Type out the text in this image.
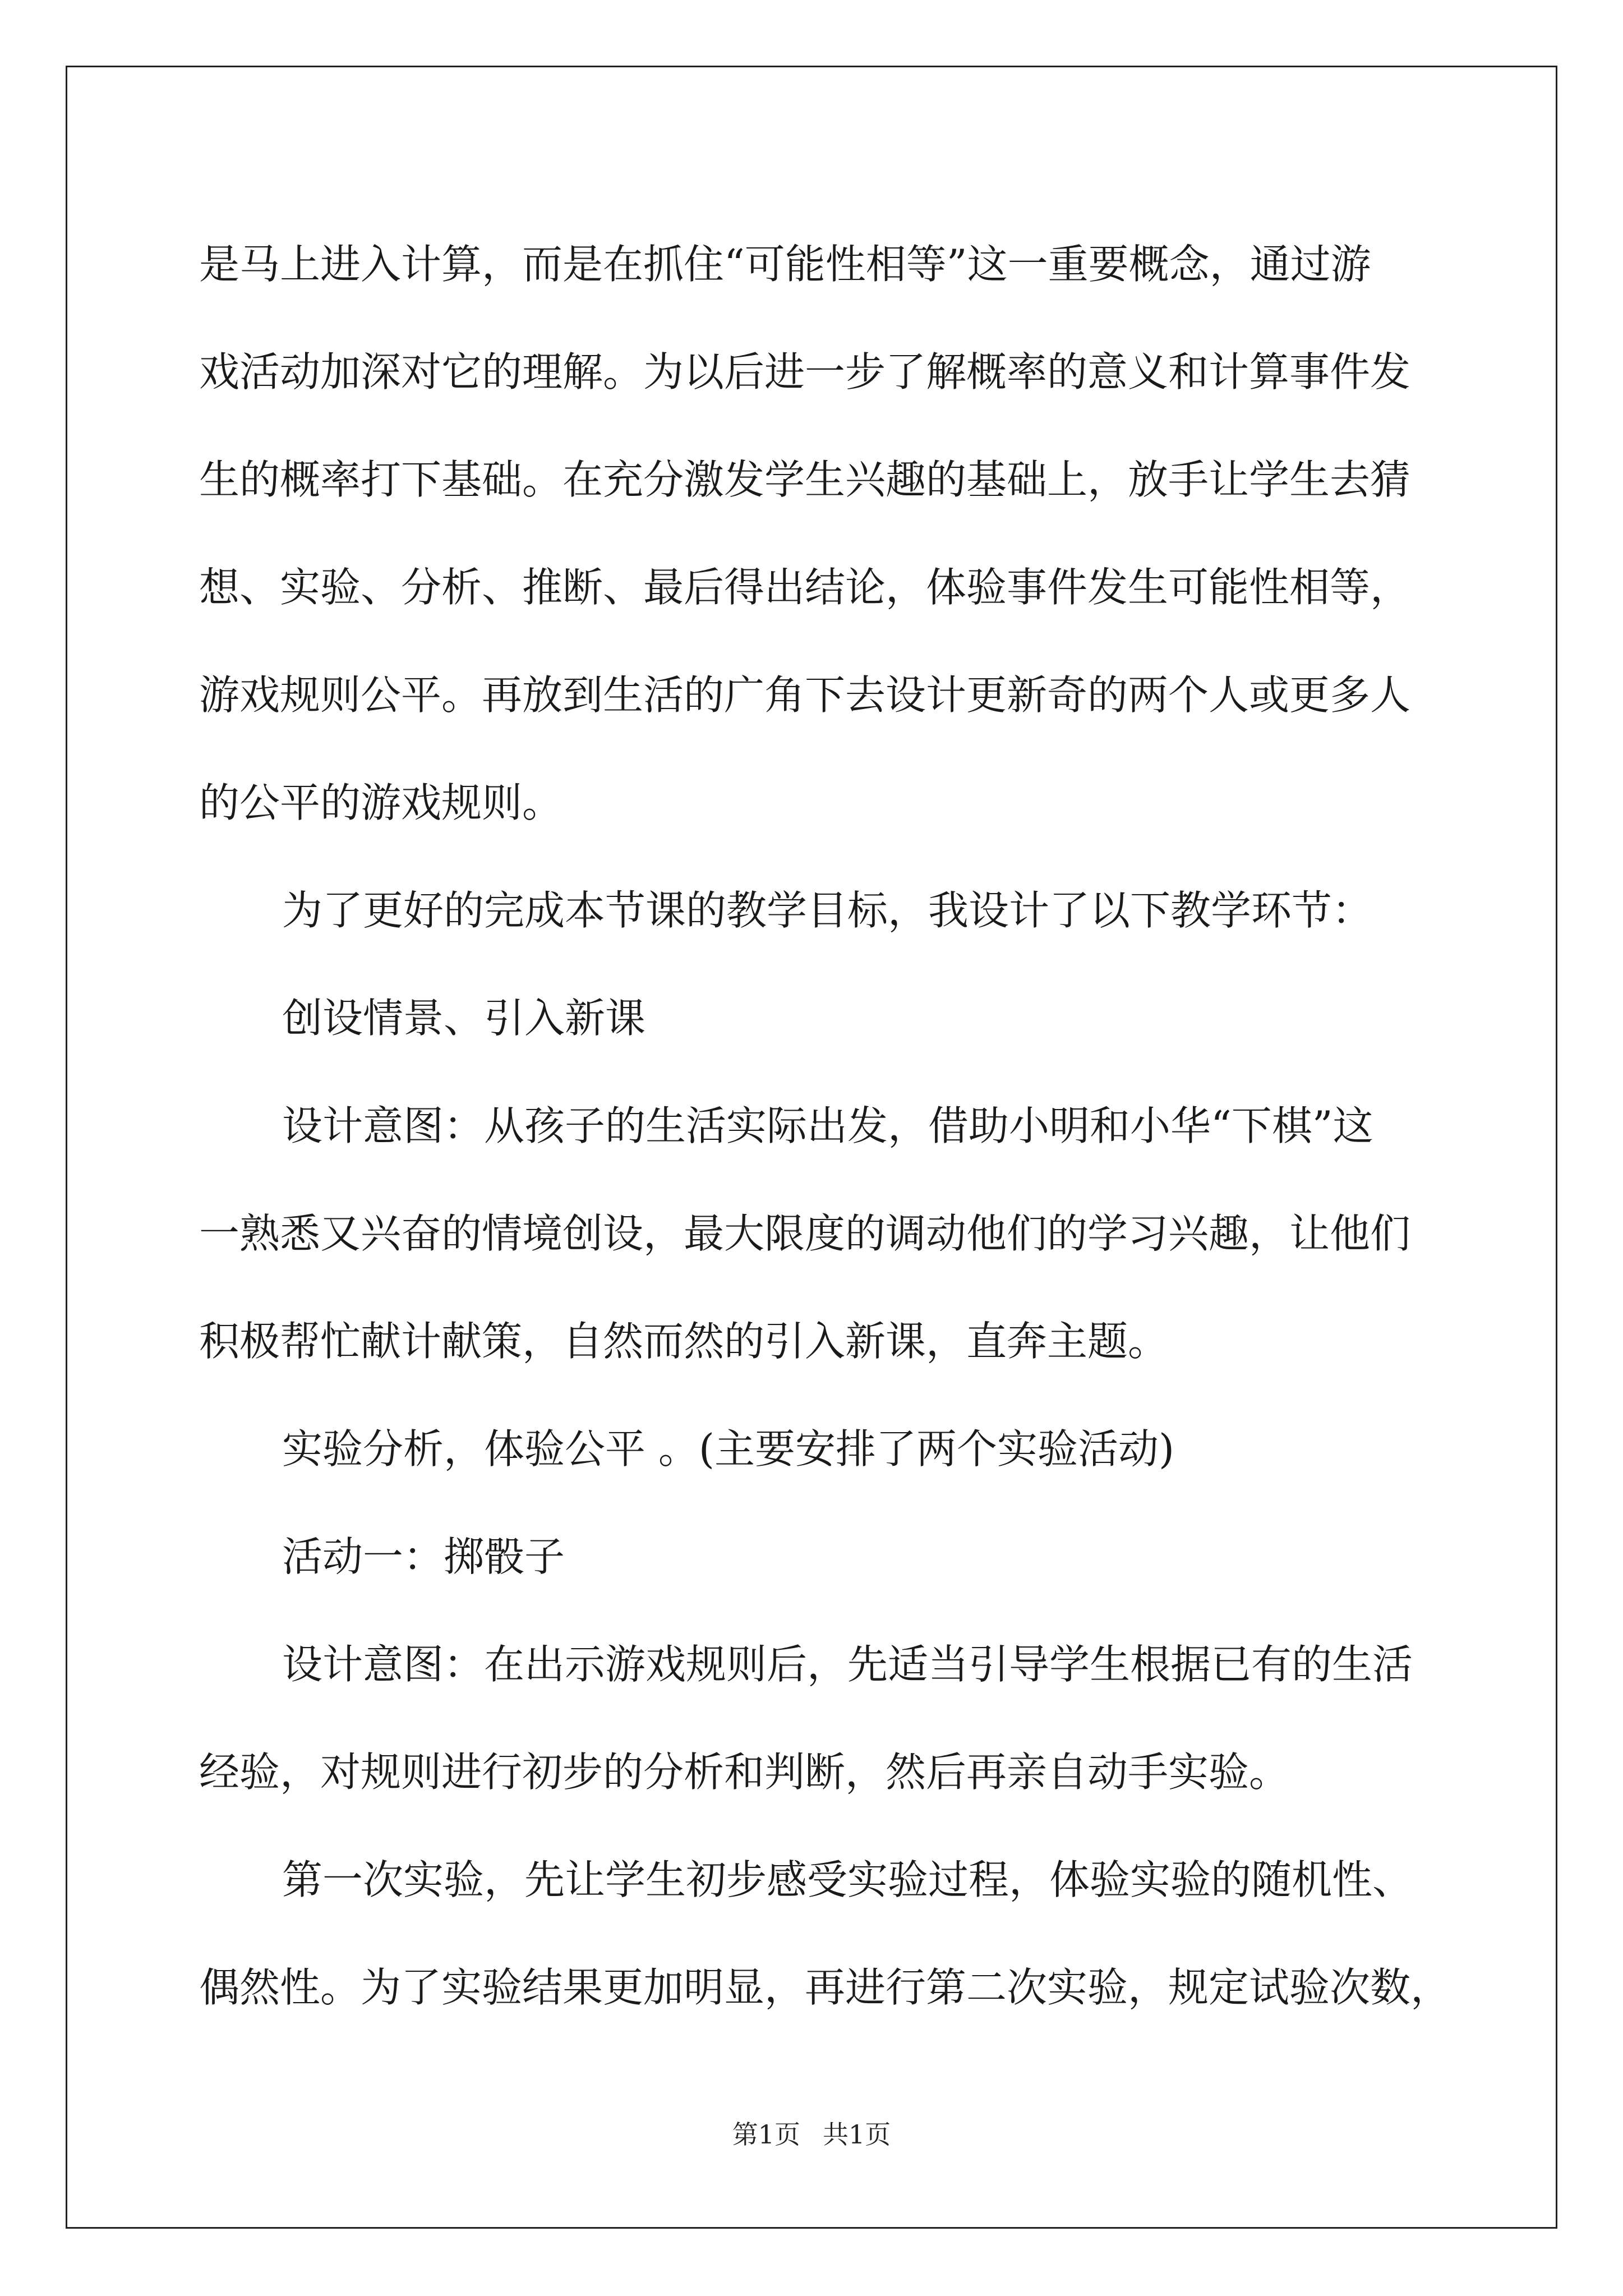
是马上进入计算，而是在抓住“可能性相等”这一重要概念，通过游
戏活动加深对它的理解。为以后进一步了解概率的意义和计算事件发
生的概率打下基础。在充分激发学生兴趣的基础上，放手让学生去猜
想、实验、分析、推断、最后得出结论，体验事件发生可能性相等，
游戏规则公平。再放到生活的广角下去设计更新奇的两个人或更多人
的公平的游戏规则。
为了更好的完成本节课的教学目标，我设计了以下教学环节：
创设情景、引入新课
设计意图：从孩子的生活实际出发，借助小明和小华“下棋”这
一熟悉又兴奋的情境创设，最大限度的调动他们的学习兴趣，让他们
积极帮忙献计献策，自然而然的引入新课，直奔主题。
实验分析，体验公平 。(主要安排了两个实验活动)
活动一：掷骰子
设计意图：在出示游戏规则后，先适当引导学生根据已有的生活
经验，对规则进行初步的分析和判断，然后再亲自动手实验。
第一次实验，先让学生初步感受实验过程，体验实验的随机性、
偶然性。为了实验结果更加明显，再进行第二次实验，规定试验次数，
第1页 共1页
